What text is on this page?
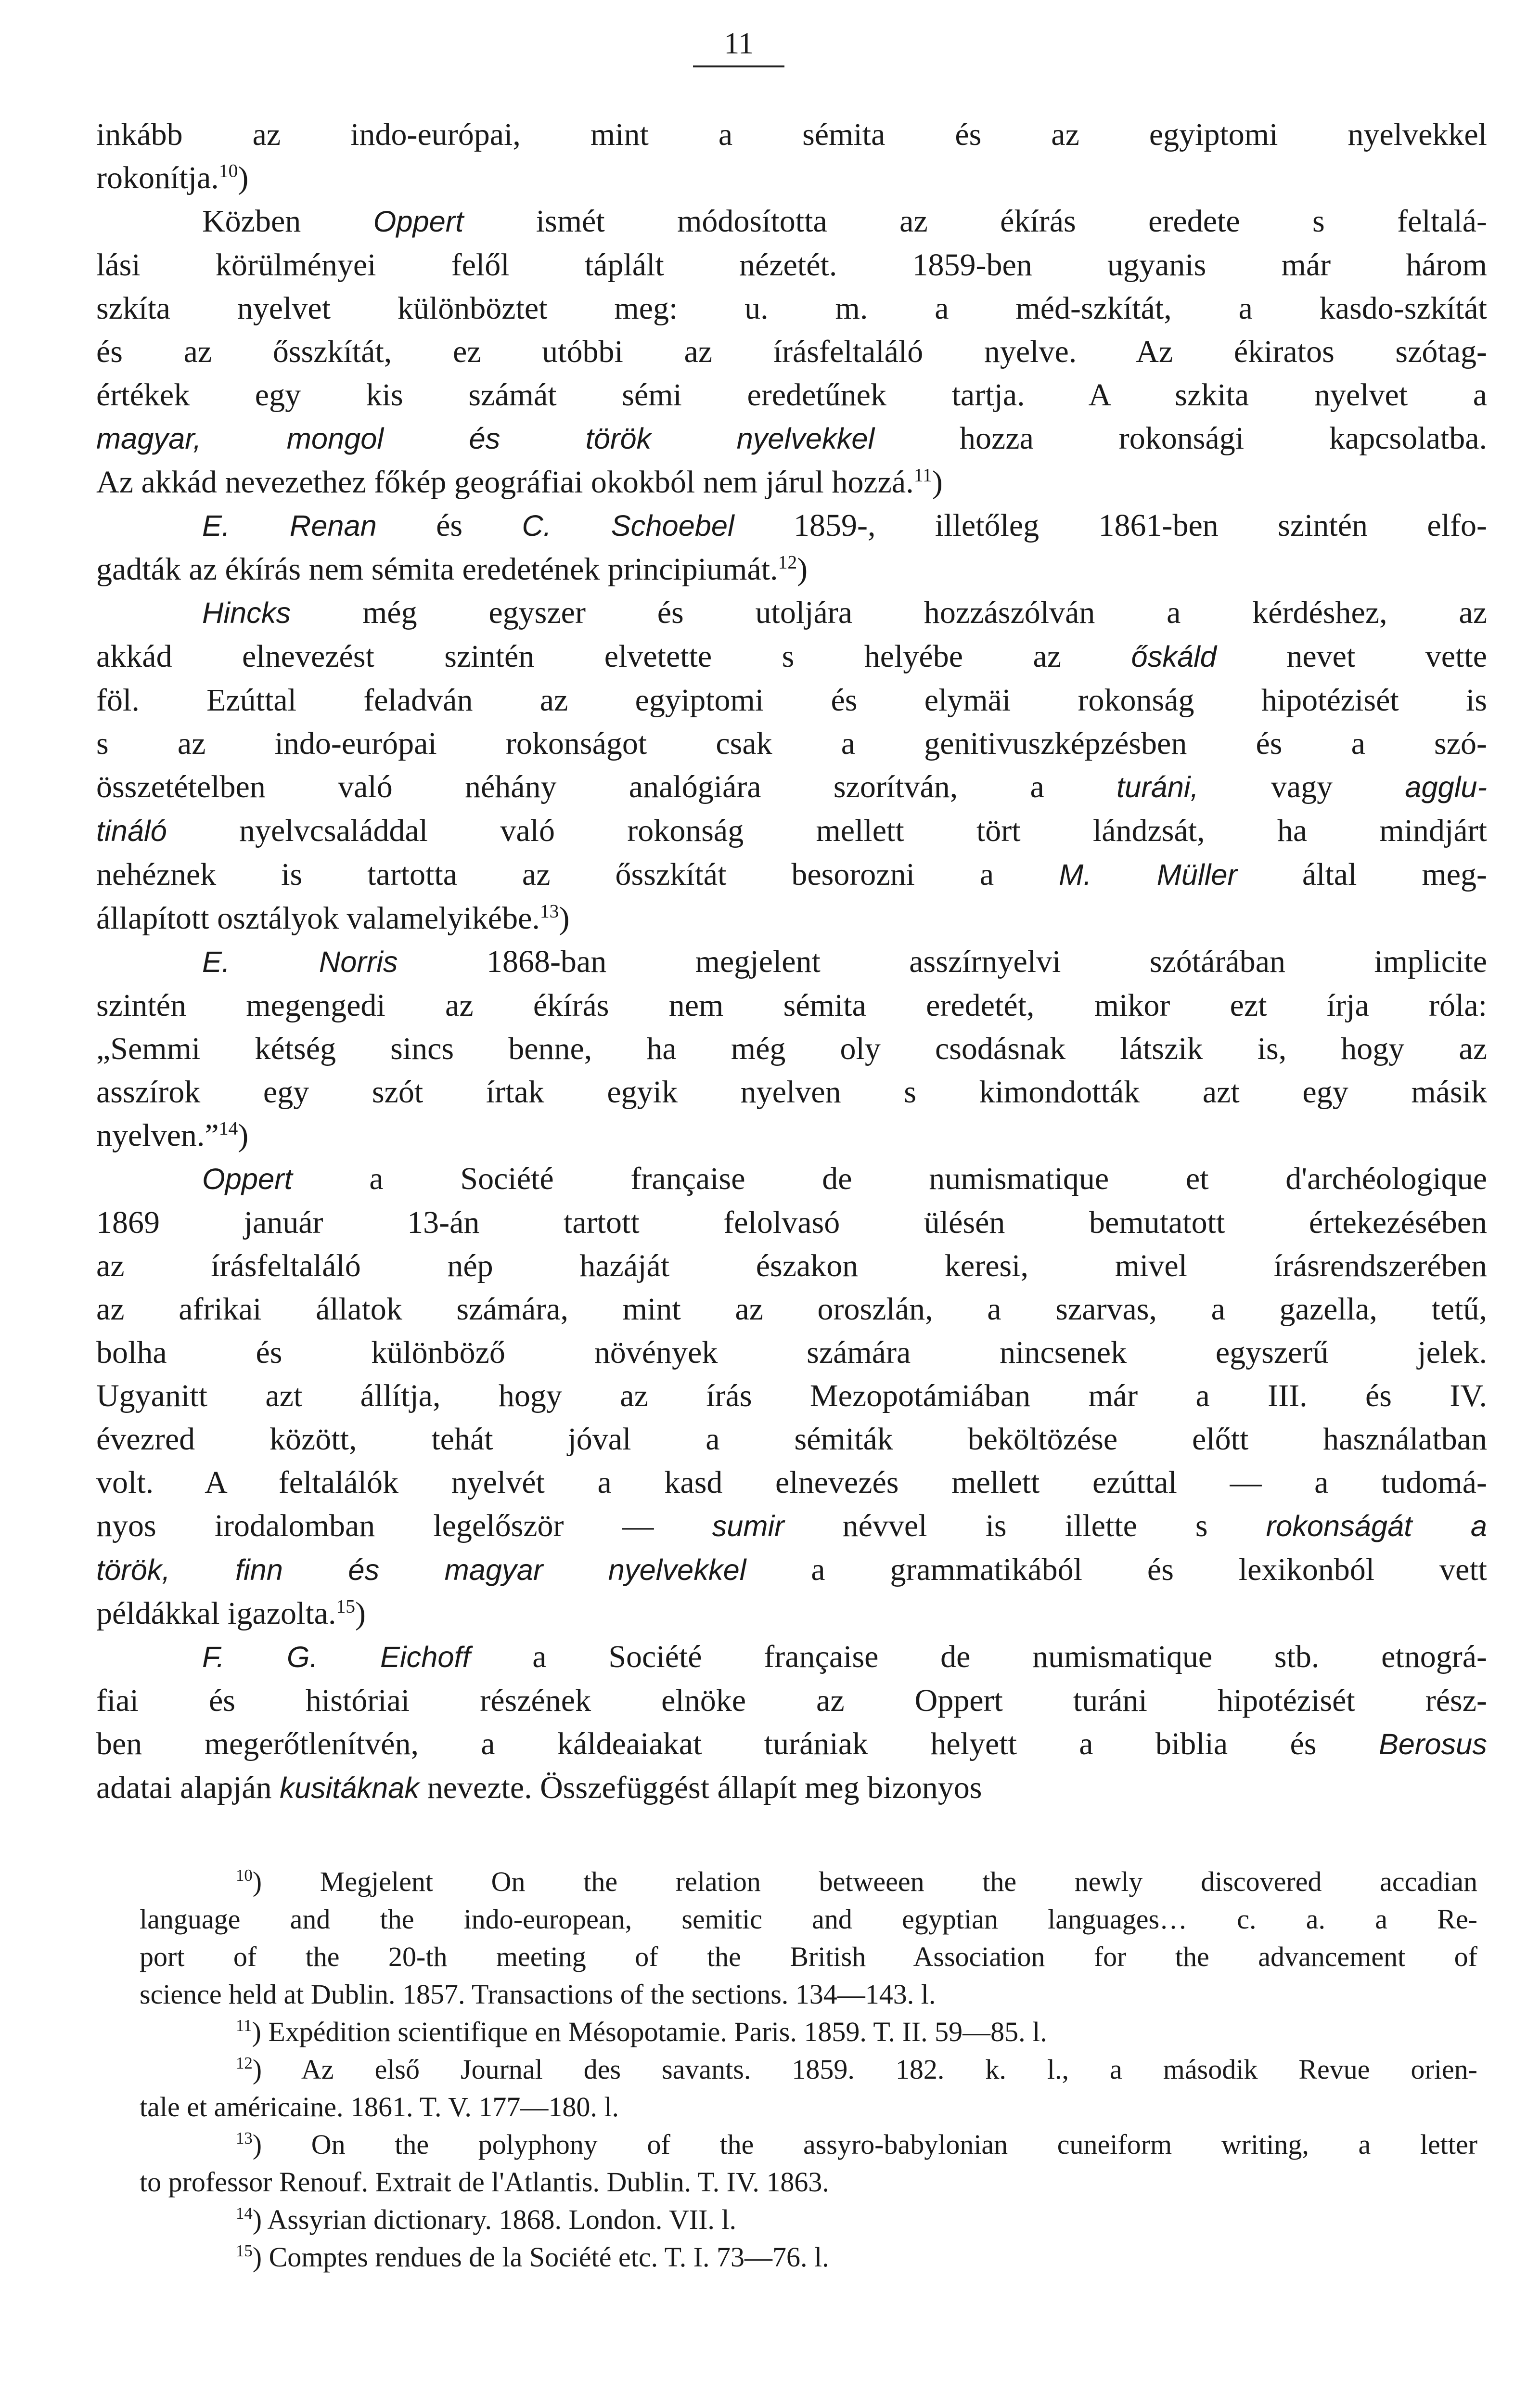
11
inkább az indo-európai, mint a sémita és az egyiptomi nyelvekkel
rokonítja.$^{10}$)
Közben Oppert ismét módosította az ékírás eredete s feltalá-
lási körülményei felől táplált nézetét. 1859-ben ugyanis már három
szkíta nyelvet különböztet meg: u. m. a méd-szkítát, a kasdo-szkítát
és az ősszkítát, ez utóbbi az írásfeltaláló nyelve. Az ékiratos szótag-
értékek egy kis számát sémi eredetűnek tartja. A szkita nyelvet a
magyar, mongol és török nyelvekkel hozza rokonsági kapcsolatba.
Az akkád nevezethez főkép geográfiai okokból nem járul hozzá.$^{11}$)
E. Renan és C. Schoebel 1859-, illetőleg 1861-ben szintén elfo-
gadták az ékírás nem sémita eredetének principiumát.$^{12}$)
Hincks még egyszer és utoljára hozzászólván a kérdéshez, az
akkád elnevezést szintén elvetette s helyébe az őskáld nevet vette
föl. Ezúttal feladván az egyiptomi és elymäi rokonság hipotézisét is
s az indo-európai rokonságot csak a genitivuszképzésben és a szó-
összetételben való néhány analógiára szorítván, a turáni, vagy agglu-
tináló nyelvcsaláddal való rokonság mellett tört lándzsát, ha mindjárt
nehéznek is tartotta az ősszkítát besorozni a M. Müller által meg-
állapított osztályok valamelyikébe.$^{13}$)
E. Norris 1868-ban megjelent asszírnyelvi szótárában implicite
szintén megengedi az ékírás nem sémita eredetét, mikor ezt írja róla:
„Semmi kétség sincs benne, ha még oly csodásnak látszik is, hogy az
asszírok egy szót írtak egyik nyelven s kimondották azt egy másik
nyelven.”$^{14}$)
Oppert a Société française de numismatique et d'archéologique
1869 január 13-án tartott felolvasó ülésén bemutatott értekezésében
az írásfeltaláló nép hazáját északon keresi, mivel írásrendszerében
az afrikai állatok számára, mint az oroszlán, a szarvas, a gazella, tetű,
bolha és különböző növények számára nincsenek egyszerű jelek.
Ugyanitt azt állítja, hogy az írás Mezopotámiában már a III. és IV.
évezred között, tehát jóval a sémiták beköltözése előtt használatban
volt. A feltalálók nyelvét a kasd elnevezés mellett ezúttal — a tudomá-
nyos irodalomban legelőször — sumir névvel is illette s rokonságát a
török, finn és magyar nyelvekkel a grammatikából és lexikonból vett
példákkal igazolta.$^{15}$)
F. G. Eichoff a Société française de numismatique stb. etnográ-
fiai és históriai részének elnöke az Oppert turáni hipotézisét rész-
ben megerőtlenítvén, a káldeaiakat turániak helyett a biblia és Berosus
adatai alapján kusitáknak nevezte. Összefüggést állapít meg bizonyos
$^{10}$) Megjelent On the relation betweeen the newly discovered accadian
language and the indo-european, semitic and egyptian languages… c. a. a Re-
port of the 20-th meeting of the British Association for the advancement of
science held at Dublin. 1857. Transactions of the sections. 134—143. l.
$^{11}$) Expédition scientifique en Mésopotamie. Paris. 1859. T. II. 59—85. l.
$^{12}$) Az első Journal des savants. 1859. 182. k. l., a második Revue orien-
tale et américaine. 1861. T. V. 177—180. l.
$^{13}$) On the polyphony of the assyro-babylonian cuneiform writing, a letter
to professor Renouf. Extrait de l'Atlantis. Dublin. T. IV. 1863.
$^{14}$) Assyrian dictionary. 1868. London. VII. l.
$^{15}$) Comptes rendues de la Société etc. T. I. 73—76. l.
